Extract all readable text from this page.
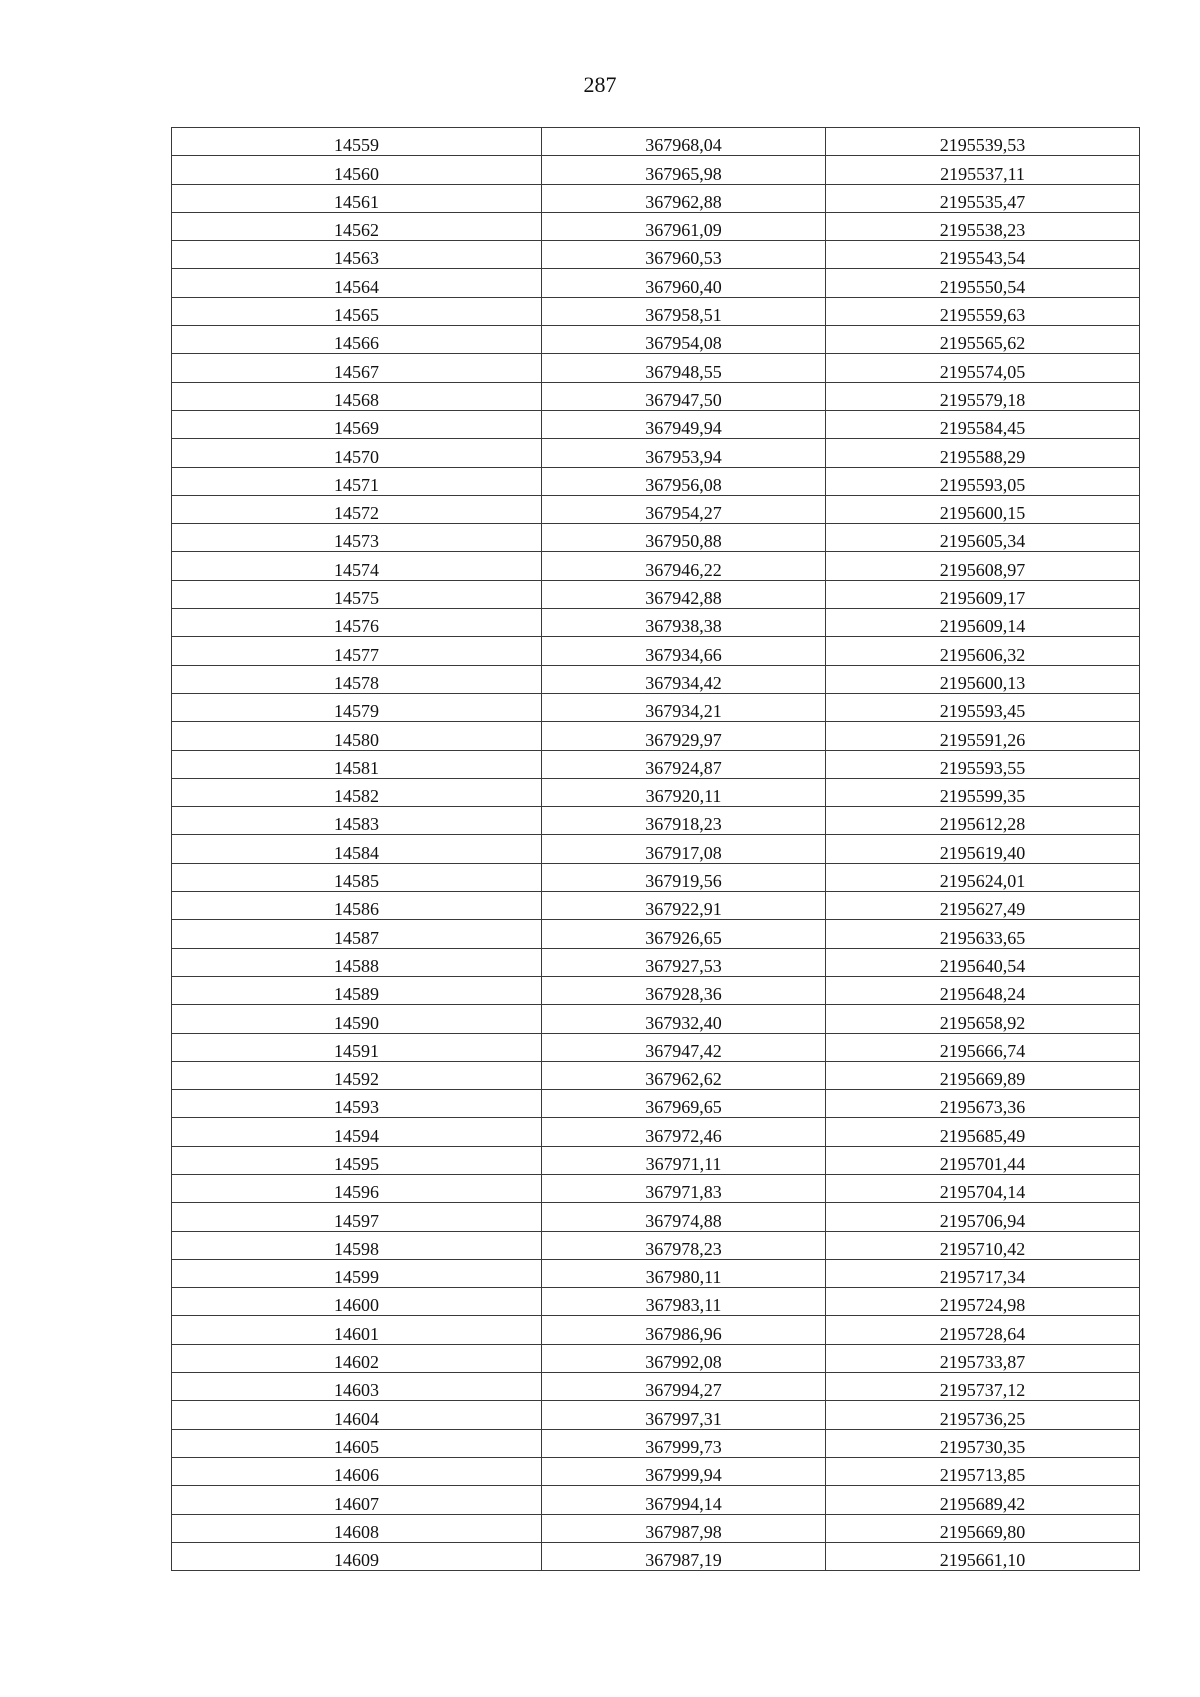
287
14559	367968,04	2195539,53
14560	367965,98	2195537,11
14561	367962,88	2195535,47
14562	367961,09	2195538,23
14563	367960,53	2195543,54
14564	367960,40	2195550,54
14565	367958,51	2195559,63
14566	367954,08	2195565,62
14567	367948,55	2195574,05
14568	367947,50	2195579,18
14569	367949,94	2195584,45
14570	367953,94	2195588,29
14571	367956,08	2195593,05
14572	367954,27	2195600,15
14573	367950,88	2195605,34
14574	367946,22	2195608,97
14575	367942,88	2195609,17
14576	367938,38	2195609,14
14577	367934,66	2195606,32
14578	367934,42	2195600,13
14579	367934,21	2195593,45
14580	367929,97	2195591,26
14581	367924,87	2195593,55
14582	367920,11	2195599,35
14583	367918,23	2195612,28
14584	367917,08	2195619,40
14585	367919,56	2195624,01
14586	367922,91	2195627,49
14587	367926,65	2195633,65
14588	367927,53	2195640,54
14589	367928,36	2195648,24
14590	367932,40	2195658,92
14591	367947,42	2195666,74
14592	367962,62	2195669,89
14593	367969,65	2195673,36
14594	367972,46	2195685,49
14595	367971,11	2195701,44
14596	367971,83	2195704,14
14597	367974,88	2195706,94
14598	367978,23	2195710,42
14599	367980,11	2195717,34
14600	367983,11	2195724,98
14601	367986,96	2195728,64
14602	367992,08	2195733,87
14603	367994,27	2195737,12
14604	367997,31	2195736,25
14605	367999,73	2195730,35
14606	367999,94	2195713,85
14607	367994,14	2195689,42
14608	367987,98	2195669,80
14609	367987,19	2195661,10
